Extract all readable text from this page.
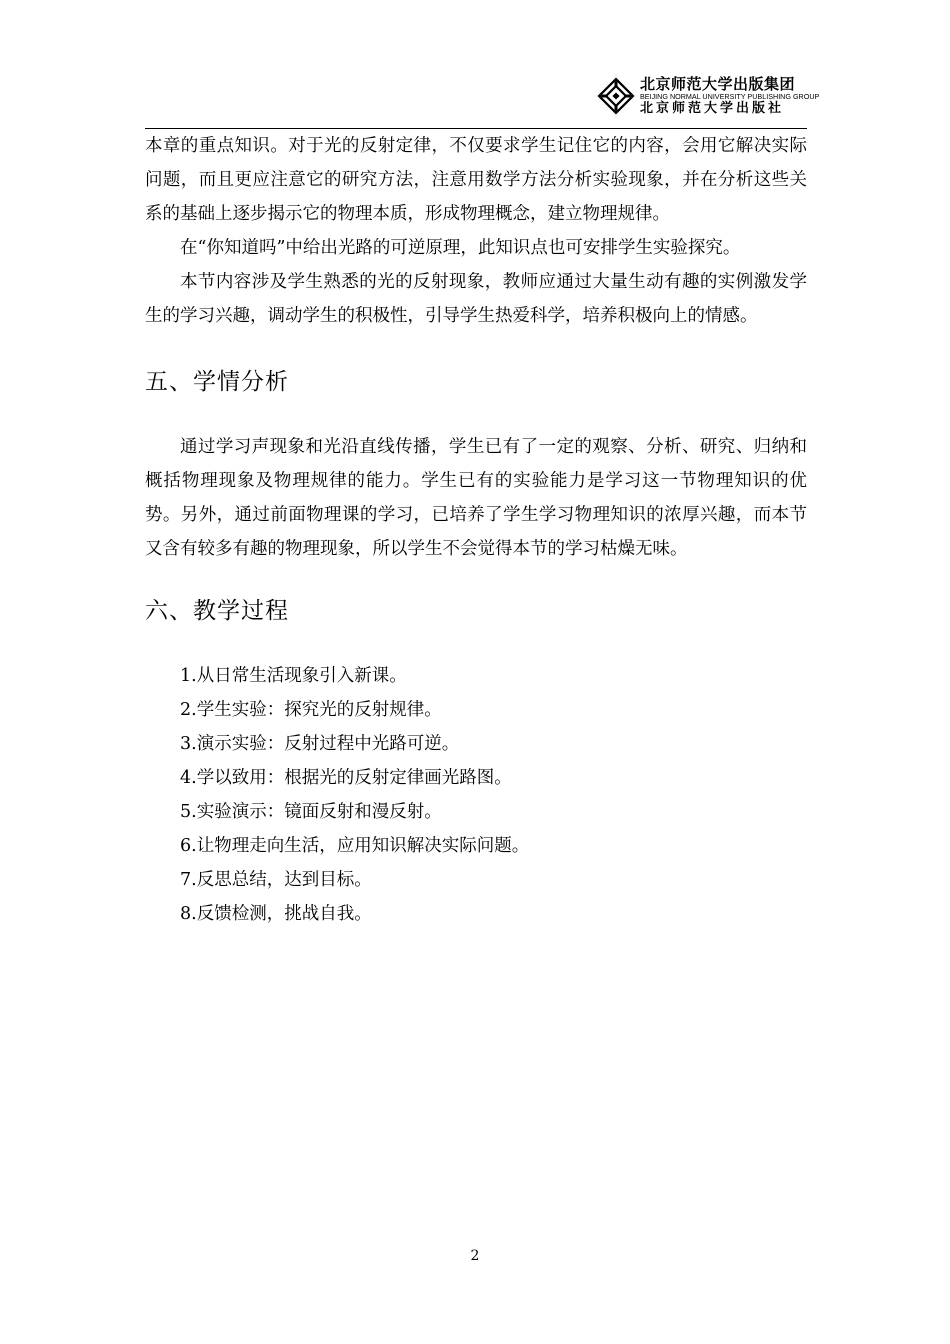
北京师范大学出版集团
BEIJING NORMAL UNIVERSITY PUBLISHING GROUP
北京师范大学出版社

本章的重点知识。对于光的反射定律，不仅要求学生记住它的内容，会用它解决实际问题，而且更应注意它的研究方法，注意用数学方法分析实验现象，并在分析这些关系的基础上逐步揭示它的物理本质，形成物理概念，建立物理规律。

在“你知道吗”中给出光路的可逆原理，此知识点也可安排学生实验探究。

本节内容涉及学生熟悉的光的反射现象，教师应通过大量生动有趣的实例激发学生的学习兴趣，调动学生的积极性，引导学生热爱科学，培养积极向上的情感。

五、学情分析

通过学习声现象和光沿直线传播，学生已有了一定的观察、分析、研究、归纳和概括物理现象及物理规律的能力。学生已有的实验能力是学习这一节物理知识的优势。另外，通过前面物理课的学习，已培养了学生学习物理知识的浓厚兴趣，而本节又含有较多有趣的物理现象，所以学生不会觉得本节的学习枯燥无味。

六、教学过程
1.从日常生活现象引入新课。
2.学生实验：探究光的反射规律。
3.演示实验：反射过程中光路可逆。
4.学以致用：根据光的反射定律画光路图。
5.实验演示：镜面反射和漫反射。
6.让物理走向生活，应用知识解决实际问题。
7.反思总结，达到目标。
8.反馈检测，挑战自我。
2
